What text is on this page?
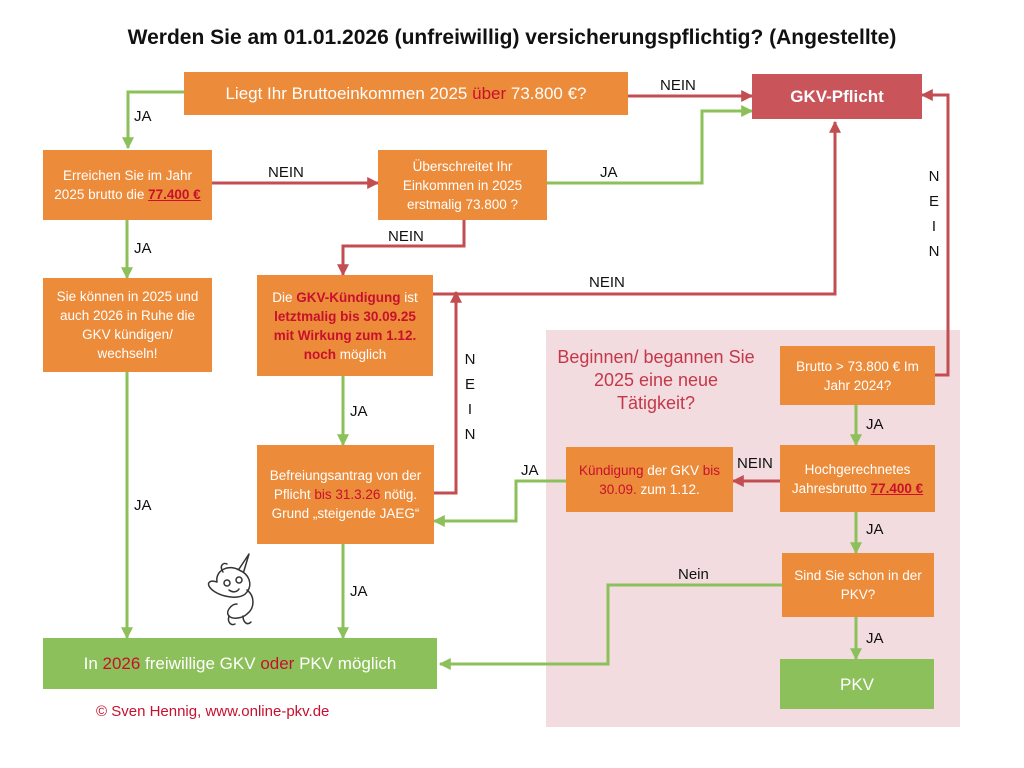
Werden Sie am 01.01.2026 (unfreiwillig) versicherungspflichtig? (Angestellte)
Beginnen/ begannen Sie 2025 eine neue Tätigkeit?
Liegt Ihr Bruttoeinkommen 2025 über 73.800 €?	GKV-Pflicht
Erreichen Sie im Jahr 2025 brutto die 77.400 €
Überschreitet Ihr Einkommen in 2025 erstmalig 73.800 ?
Sie können in 2025 und auch 2026 in Ruhe die GKV kündigen/ wechseln!
Die GKV-Kündigung ist letztmalig bis 30.09.25 mit Wirkung zum 1.12. noch möglich
Befreiungsantrag von der Pflicht bis 31.3.26 nötig. Grund „steigende JAEG“
In 2026 freiwillige GKV oder PKV möglich
Brutto > 73.800 € Im Jahr 2024?
Hochgerechnetes Jahresbrutto 77.400 €
Kündigung der GKV bis 30.09. zum 1.12.
Sind Sie schon in der PKV?
PKV
NEIN
JA
NEIN	JA
NEIN
JA
NEIN
JA
JA
JA
JA
NEIN
JA
JA
Nein
JA
NEIN
NEIN
© Sven Hennig, www.online-pkv.de
